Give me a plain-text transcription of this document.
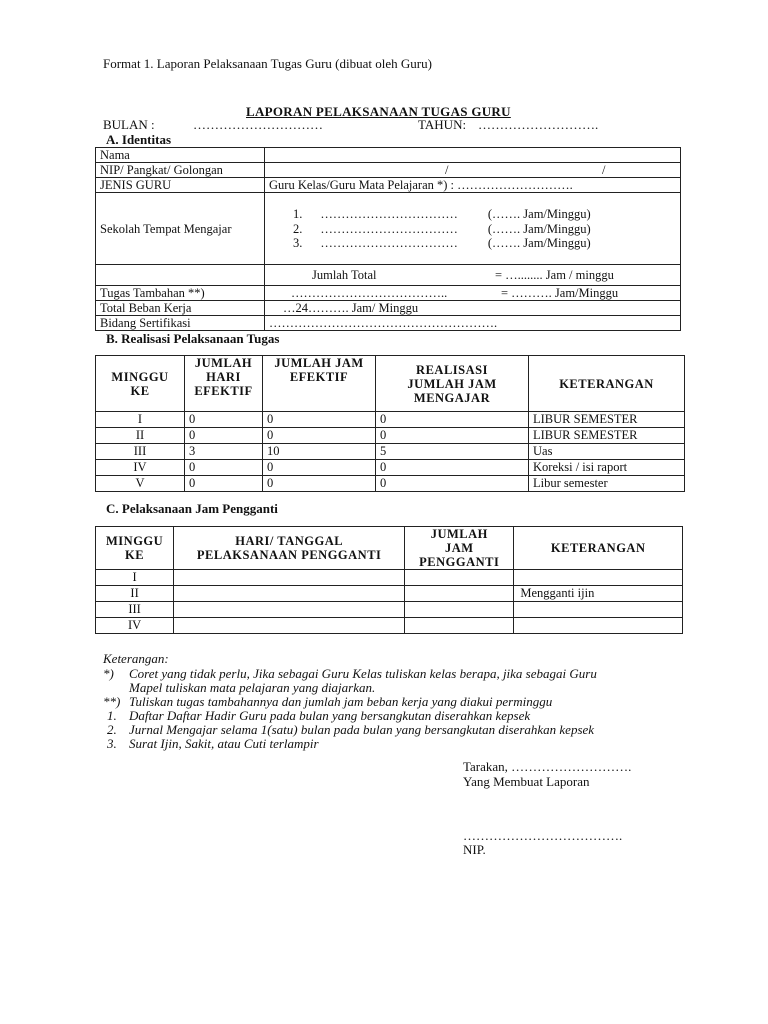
Format 1. Laporan Pelaksanaan Tugas Guru (dibuat oleh Guru)
LAPORAN PELAKSANAAN TUGAS GURU
BULAN :	…………………………	TAHUN: ……………………….
A. Identitas
Nama	
NIP/ Pangkat/ Golongan	/ /

JENIS GURU	Guru Kelas/Guru Mata Pelajaran *) : ……………………….
Sekolah Tempat Mengajar	1. …………………………… (……. Jam/Minggu)
2. …………………………… (……. Jam/Minggu)
3. …………………………… (……. Jam/Minggu)

	Jumlah Total = …........ Jam / minggu

Tugas Tambahan **)	……………………………….. = ………. Jam/Minggu

Total Beban Kerja	…24………. Jam/ Minggu
Bidang Sertifikasi	……………………………………………….
B. Realisasi Pelaksanaan Tugas
MINGGU KE	JUMLAH HARI EFEKTIF	JUMLAH JAM EFEKTIF	REALISASI JUMLAH JAM MENGAJAR	KETERANGAN
I	0	0	0	LIBUR SEMESTER
II	0	0	0	LIBUR SEMESTER
III	3	10	5	Uas
IV	0	0	0	Koreksi / isi raport
V	0	0	0	Libur semester
C. Pelaksanaan Jam Pengganti
MINGGU KE	HARI/ TANGGAL PELAKSANAAN PENGGANTI	JUMLAH JAM PENGGANTI	KETERANGAN
I			
II			Mengganti ijin
III			
IV			
Keterangan:
*) Coret yang tidak perlu, Jika sebagai Guru Kelas tuliskan kelas berapa, jika sebagai Guru
Mapel tuliskan mata pelajaran yang diajarkan.
**) Tuliskan tugas tambahannya dan jumlah jam beban kerja yang diakui perminggu
1. Daftar Daftar Hadir Guru pada bulan yang bersangkutan diserahkan kepsek
2. Jurnal Mengajar selama 1(satu) bulan pada bulan yang bersangkutan diserahkan kepsek
3. Surat Ijin, Sakit, atau Cuti terlampir
Tarakan, ……………………….
Yang Membuat Laporan
……………………………….
NIP.
